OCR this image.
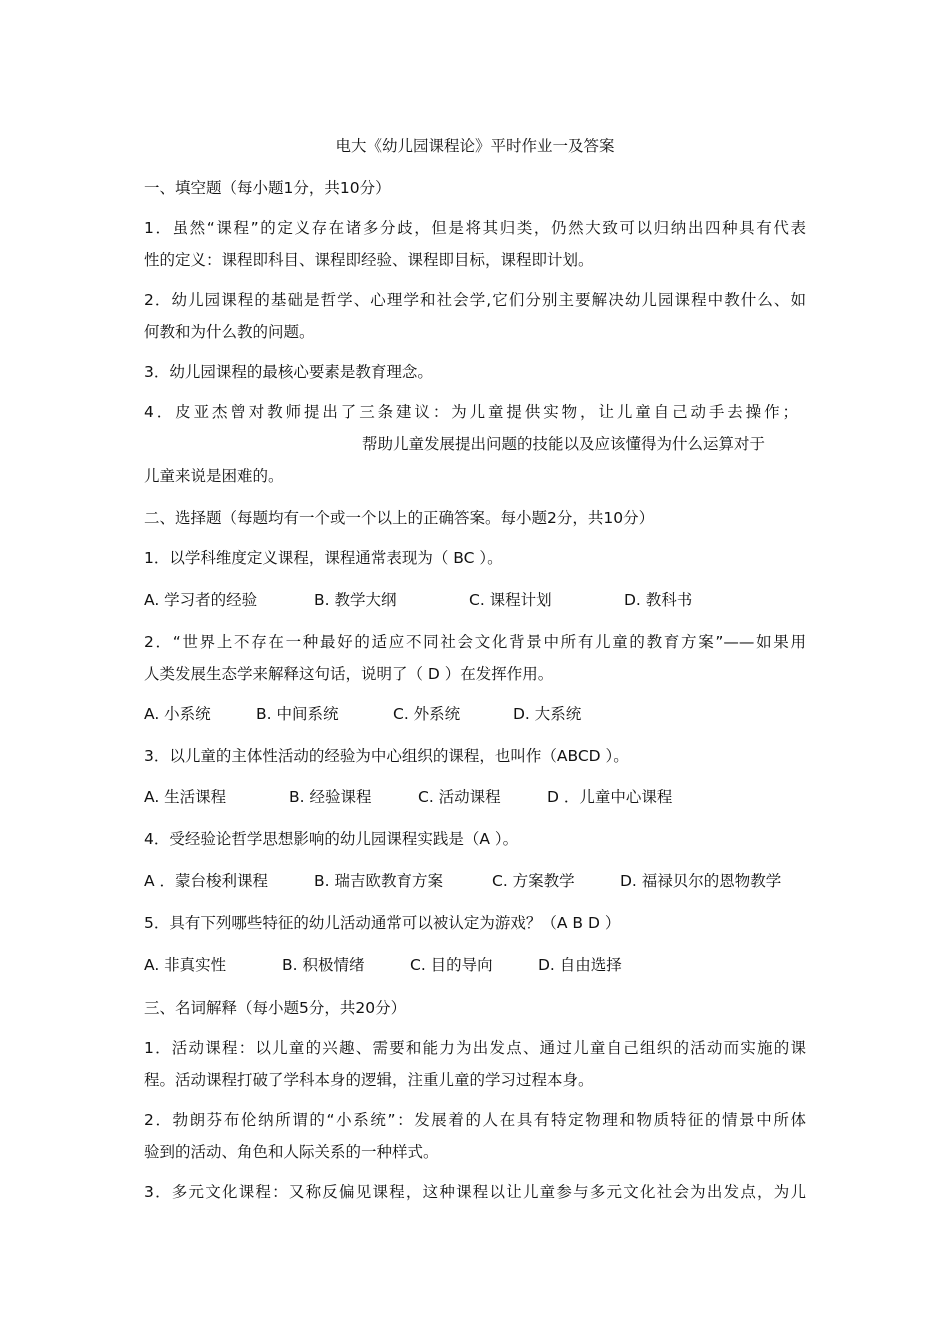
电大《幼儿园课程论》平时作业一及答案
一、填空题（每小题1分，共10分）
1．虽然“课程”的定义存在诸多分歧，但是将其归类，仍然大致可以归纳出四种具有代表
性的定义：课程即科目、课程即经验、课程即目标，课程即计划。
2．幼儿园课程的基础是哲学、心理学和社会学,它们分别主要解决幼儿园课程中教什么、如
何教和为什么教的问题。
3．幼儿园课程的最核心要素是教育理念。
4．皮亚杰曾对教师提出了三条建议：为儿童提供实物，让儿童自己动手去操作；
帮助儿童发展提出问题的技能以及应该懂得为什么运算对于
儿童来说是困难的。
二、选择题（每题均有一个或一个以上的正确答案。每小题2分，共10分）
1．以学科维度定义课程，课程通常表现为（ BC ）。
A. 学习者的经验	B. 教学大纲	C. 课程计划	D. 教科书
2．“世界上不存在一种最好的适应不同社会文化背景中所有儿童的教育方案”——如果用
人类发展生态学来解释这句话，说明了（ D ）在发挥作用。
A. 小系统	B. 中间系统	C. 外系统	D. 大系统
3．以儿童的主体性活动的经验为中心组织的课程，也叫作（ABCD ）。
A. 生活课程	B. 经验课程	C. 活动课程	D ．儿童中心课程
4．受经验论哲学思想影响的幼儿园课程实践是（A ）。
A ．蒙台梭利课程	B. 瑞吉欧教育方案	C. 方案教学	D. 福禄贝尔的恩物教学
5．具有下列哪些特征的幼儿活动通常可以被认定为游戏？（A B D ）
A. 非真实性	B. 积极情绪	C. 目的导向	D. 自由选择
三、名词解释（每小题5分，共20分）
1．活动课程：以儿童的兴趣、需要和能力为出发点、通过儿童自己组织的活动而实施的课
程。活动课程打破了学科本身的逻辑，注重儿童的学习过程本身。
2．勃朗芬布伦纳所谓的“小系统”：发展着的人在具有特定物理和物质特征的情景中所体
验到的活动、角色和人际关系的一种样式。
3．多元文化课程：又称反偏见课程，这种课程以让儿童参与多元文化社会为出发点，为儿
